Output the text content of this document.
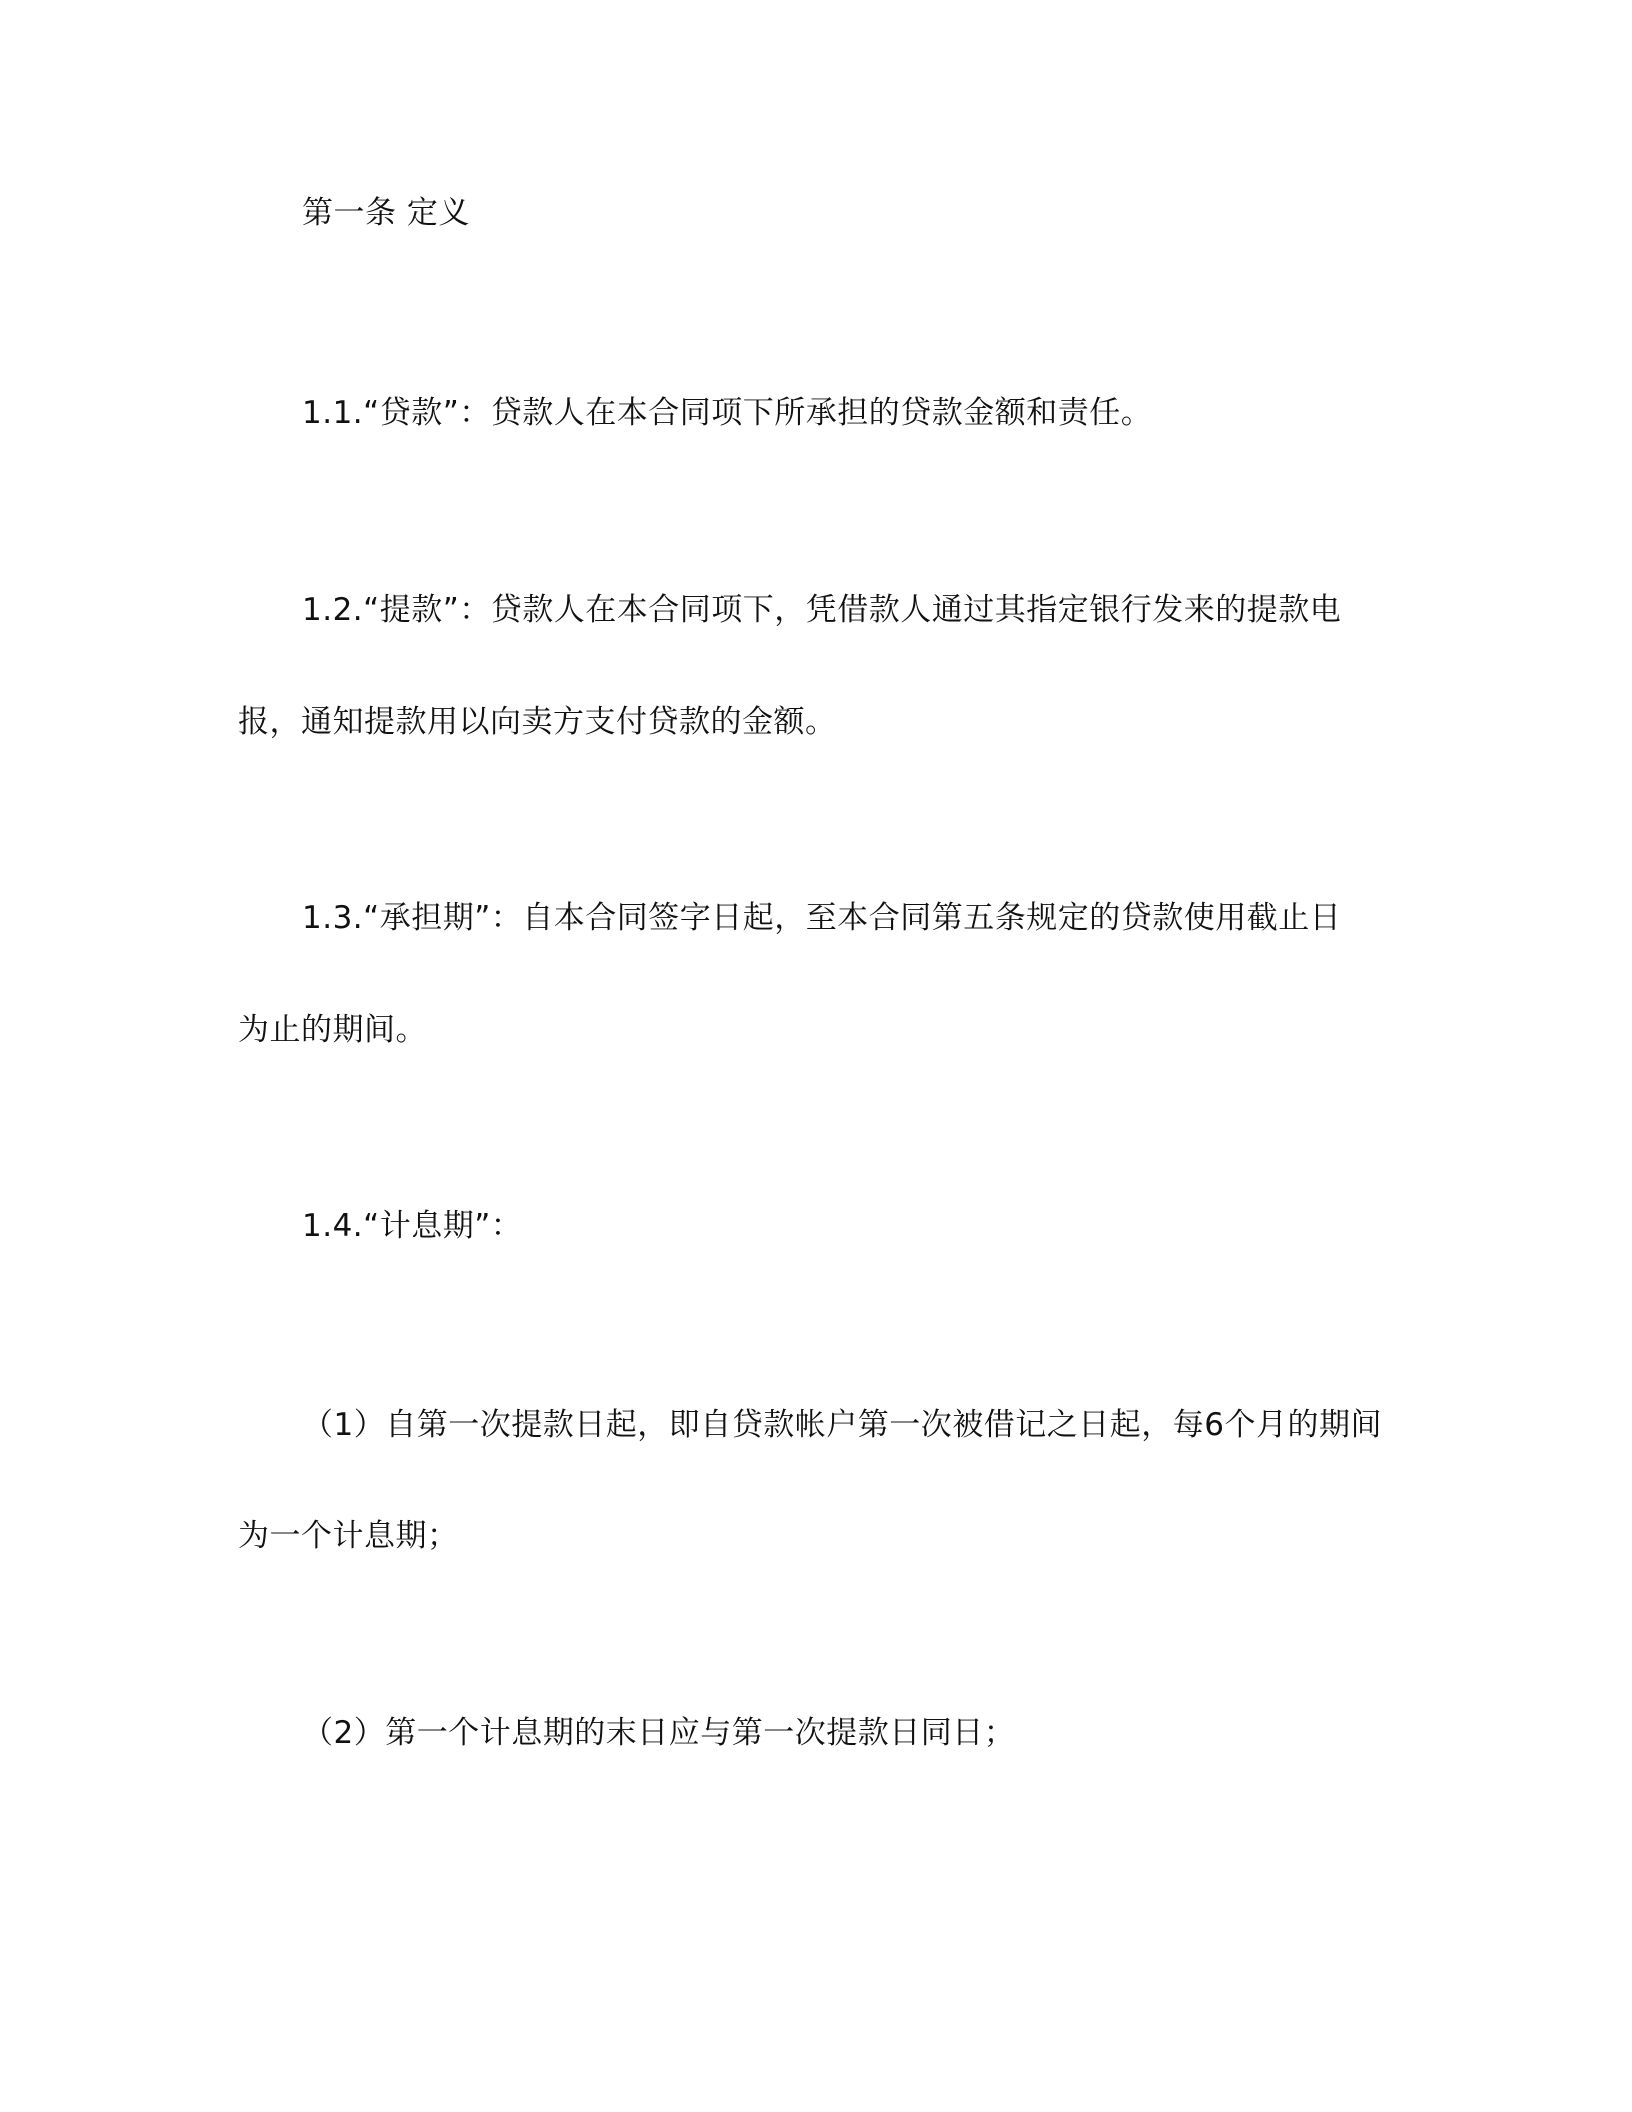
第一条 定义
1.1.“贷款”：贷款人在本合同项下所承担的贷款金额和责任。
1.2.“提款”：贷款人在本合同项下，凭借款人通过其指定银行发来的提款电
报，通知提款用以向卖方支付贷款的金额。
1.3.“承担期”：自本合同签字日起，至本合同第五条规定的贷款使用截止日
为止的期间。
1.4.“计息期”：
（1）自第一次提款日起，即自贷款帐户第一次被借记之日起，每6个月的期间
为一个计息期；
（2）第一个计息期的末日应与第一次提款日同日；
